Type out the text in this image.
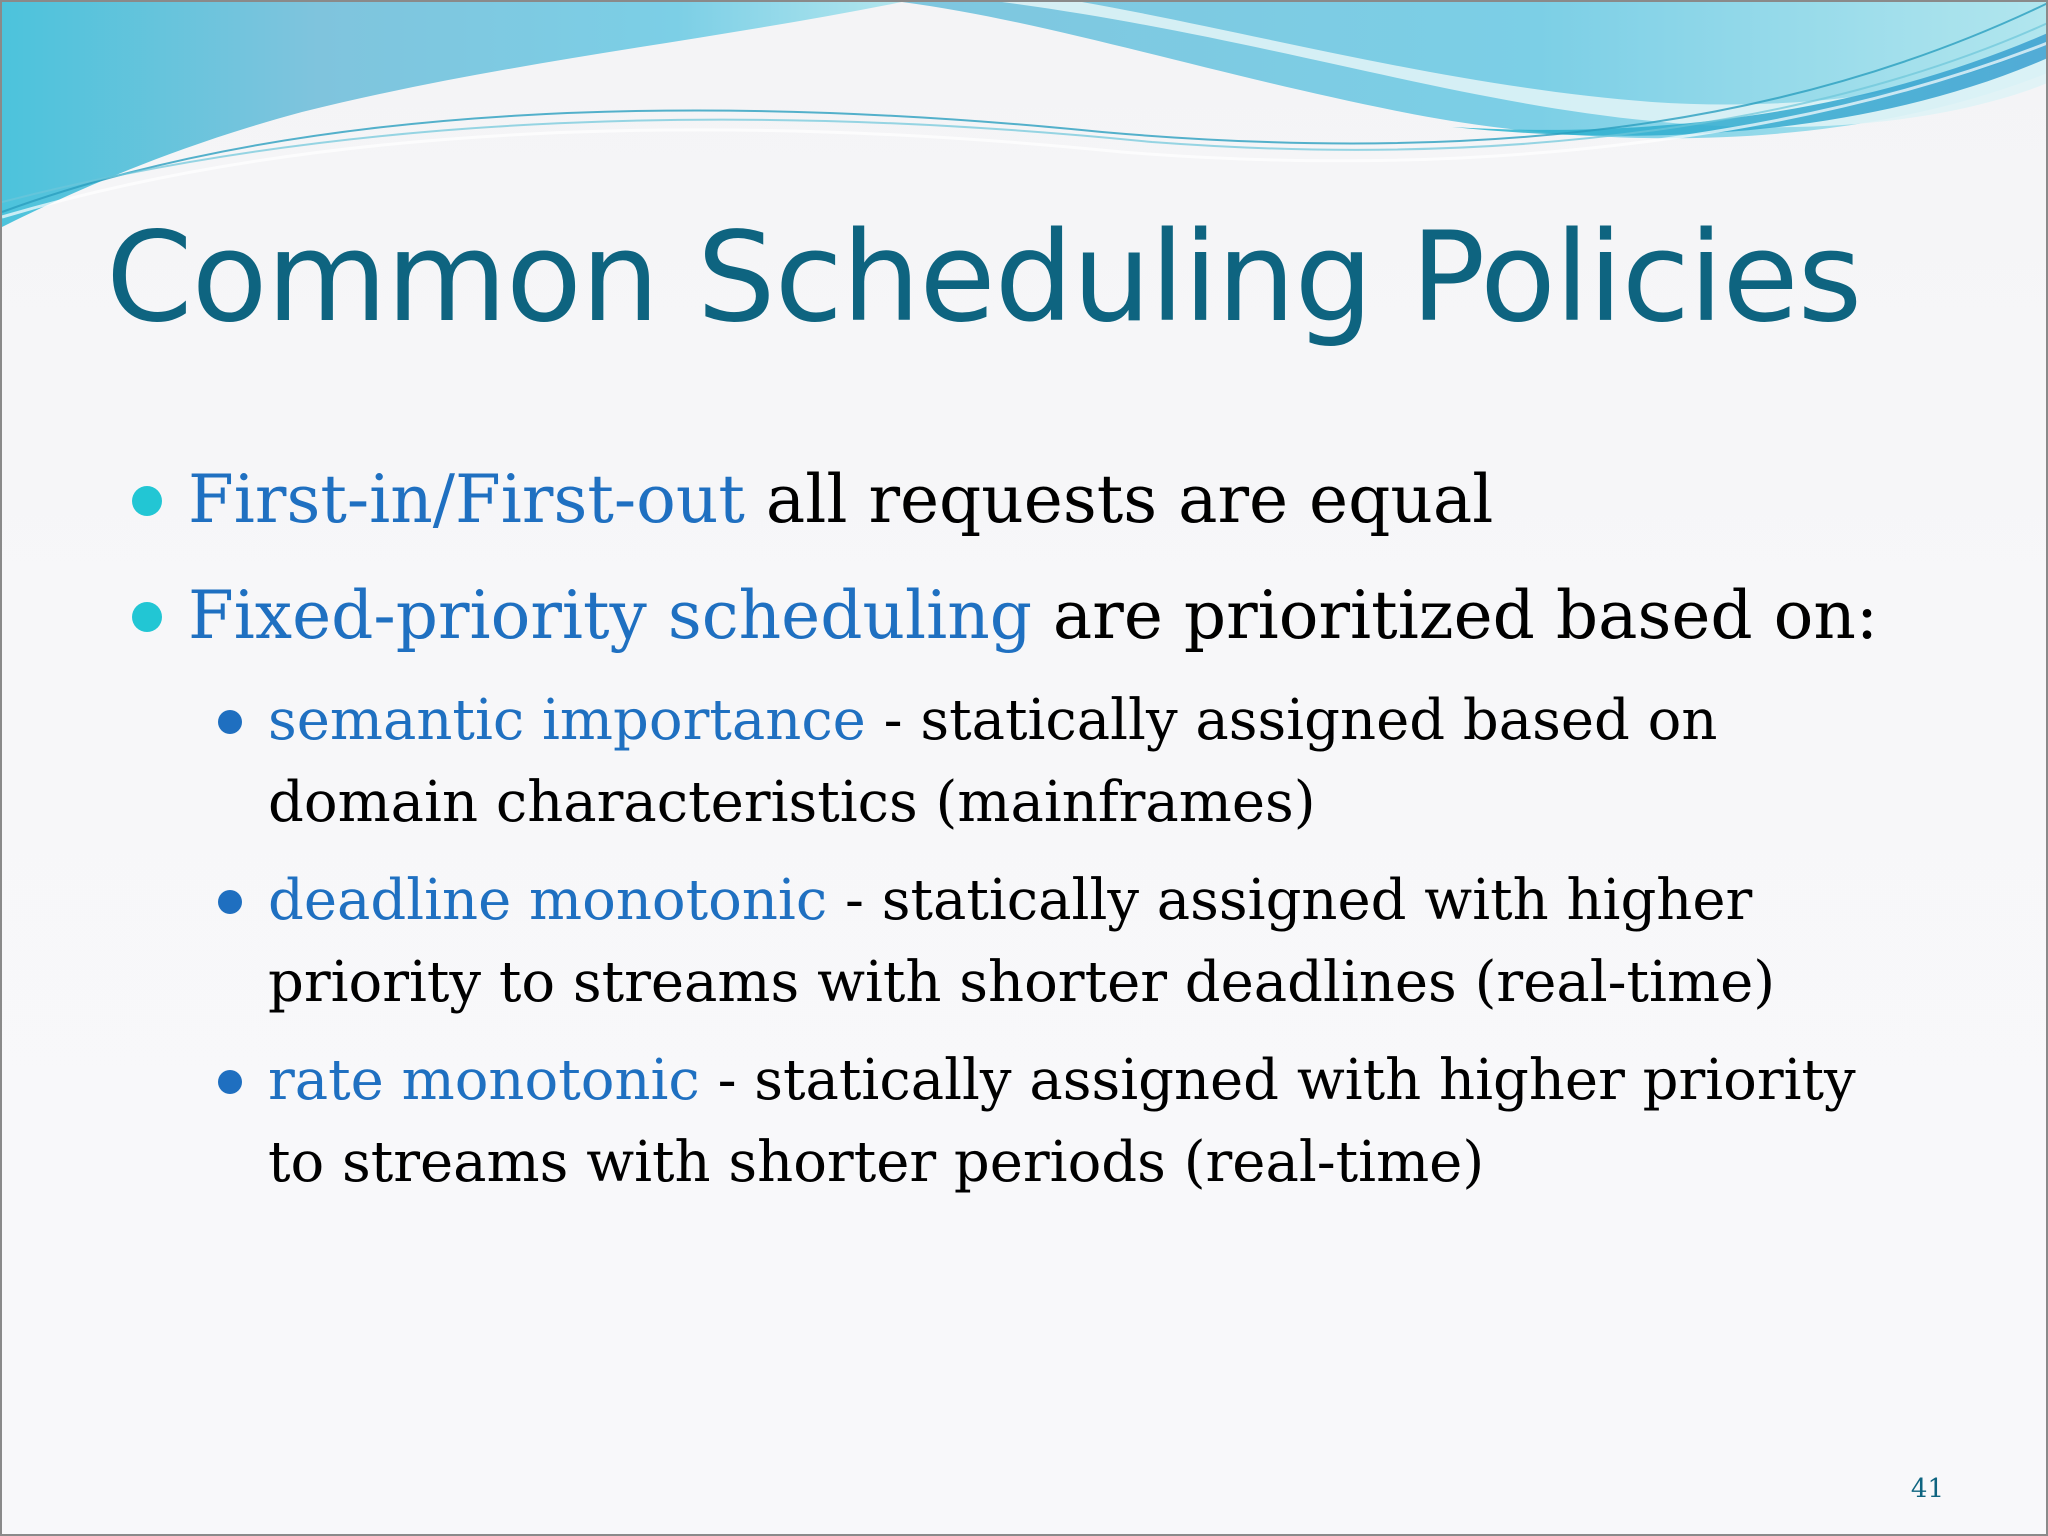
Common Scheduling Policies
First-in/First-out all requests are equal
Fixed-priority scheduling are prioritized based on:
semantic importance - statically assigned based on
domain characteristics (mainframes)
deadline monotonic - statically assigned with higher
priority to streams with shorter deadlines (real-time)
rate monotonic - statically assigned with higher priority
to streams with shorter periods (real-time)
41
